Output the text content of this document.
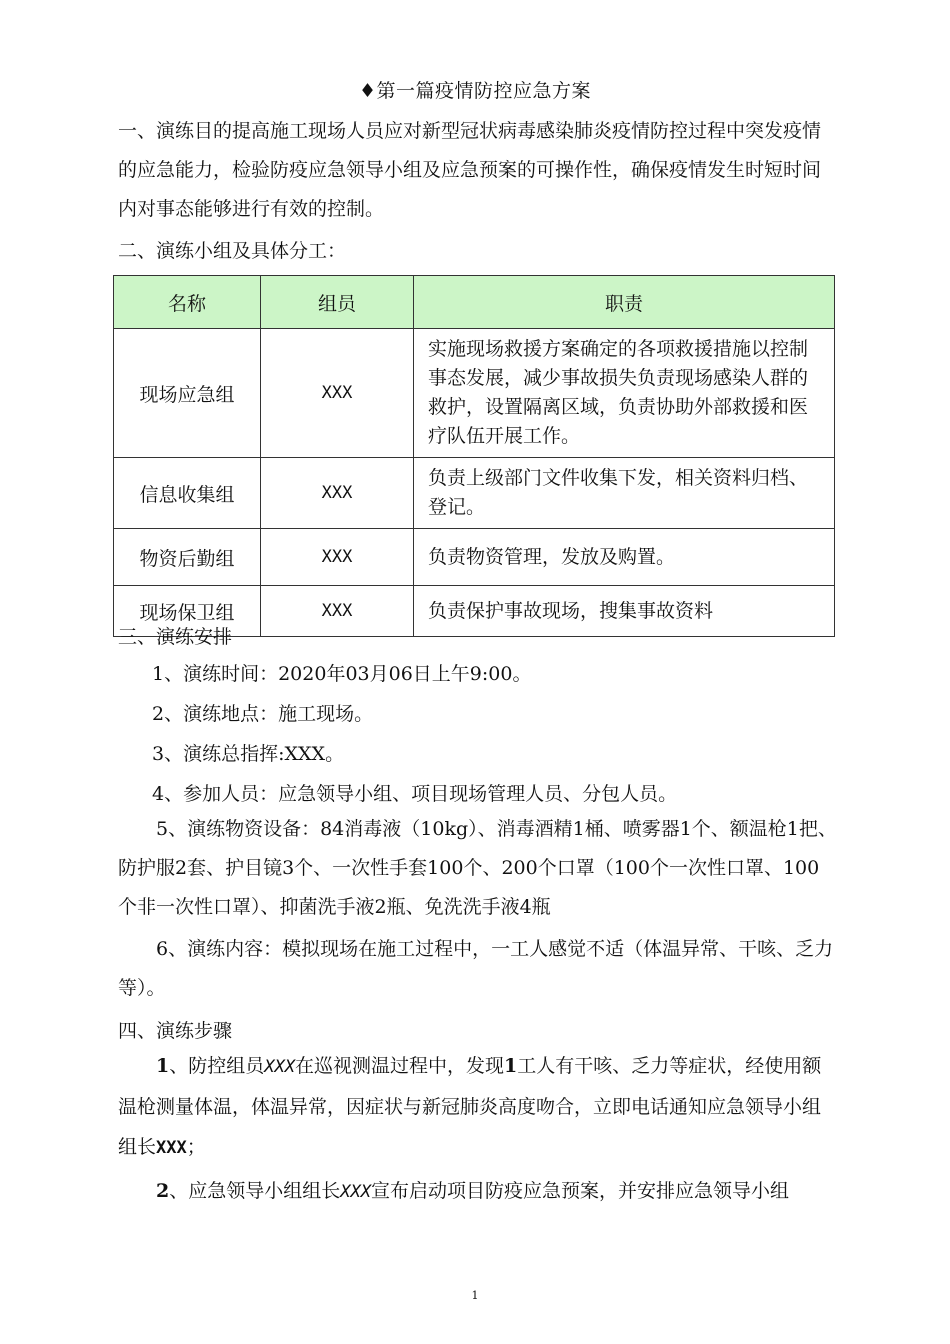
♦第一篇疫情防控应急方案
一、演练目的提高施工现场人员应对新型冠状病毒感染肺炎疫情防控过程中突发疫情的应急能力，检验防疫应急领导小组及应急预案的可操作性，确保疫情发生时短时间内对事态能够进行有效的控制。
二、演练小组及具体分工：
名称	组员	职责
现场应急组	XXX	实施现场救援方案确定的各项救援措施以控制事态发展，减少事故损失负责现场感染人群的救护，设置隔离区域，负责协助外部救援和医疗队伍开展工作。
信息收集组	XXX	负责上级部门文件收集下发，相关资料归档、登记。
物资后勤组	XXX	负责物资管理，发放及购置。
现场保卫组	XXX	负责保护事故现场，搜集事故资料
三、演练安排
1、演练时间：2020年03月06日上午9:00。
2、演练地点：施工现场。
3、演练总指挥:XXX。
4、参加人员：应急领导小组、项目现场管理人员、分包人员。
5、演练物资设备：84消毒液（10kg）、消毒酒精1桶、喷雾器1个、额温枪1把、防护服2套、护目镜3个、一次性手套100个、200个口罩（100个一次性口罩、100个非一次性口罩）、抑菌洗手液2瓶、免洗洗手液4瓶
6、演练内容：模拟现场在施工过程中，一工人感觉不适（体温异常、干咳、乏力等）。
四、演练步骤
1、防控组员XXX在巡视测温过程中，发现1工人有干咳、乏力等症状，经使用额温枪测量体温，体温异常，因症状与新冠肺炎高度吻合，立即电话通知应急领导小组组长XXX；
2、应急领导小组组长XXX宣布启动项目防疫应急预案，并安排应急领导小组
1
